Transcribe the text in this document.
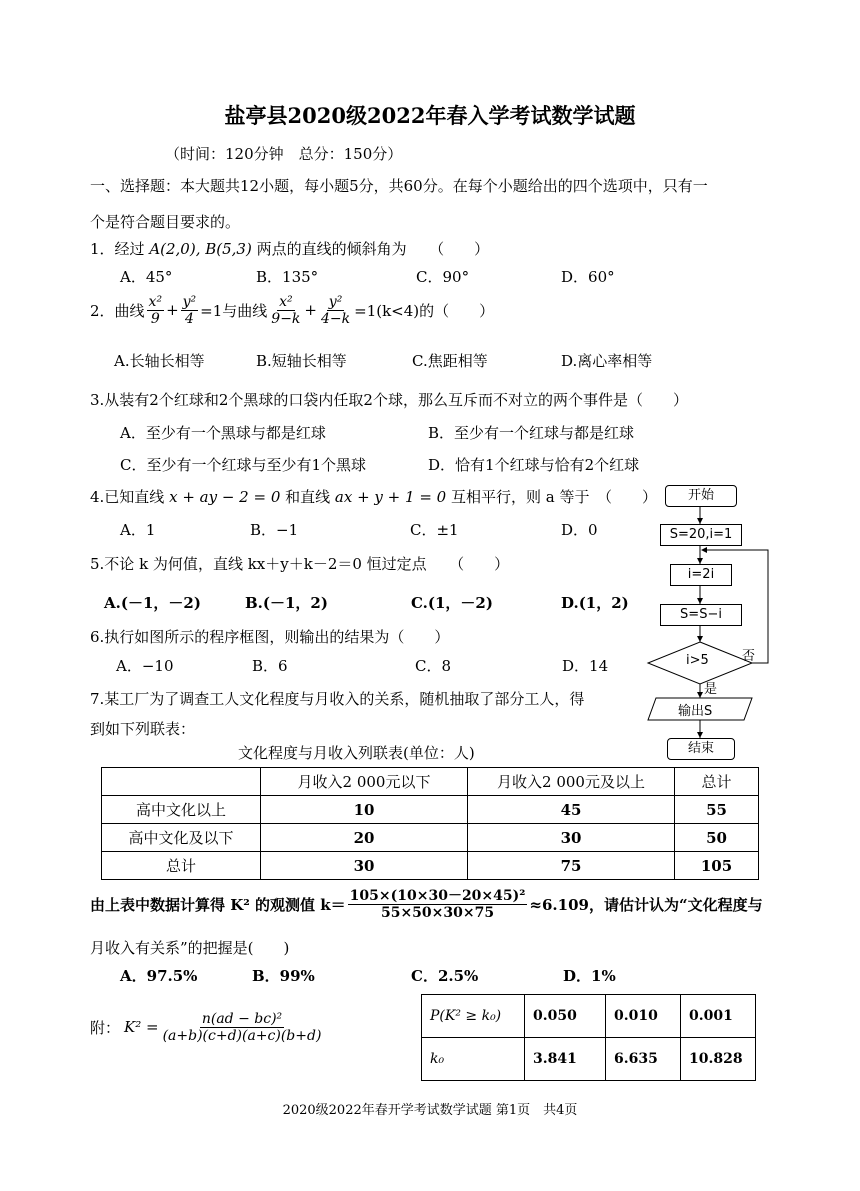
盐亭县2020级2022年春入学考试数学试题
（时间：120分钟　总分：150分）
一、选择题：本大题共12小题，每小题5分，共60分。在每个小题给出的四个选项中，只有一
个是符合题目要求的。
1．经过 A(2,0), B(5,3) 两点的直线的倾斜角为　　（　　）
A．45°	B．135°	C．90°	D．60°
2．曲线 $\frac{\text{x²}}{9} + \frac{\text{y²}}{4} =1$与曲线 $\frac{\text{x²}}{9-k} + \frac{\text{y²}}{4-k} =1(k<4)$的（　　）
A.长轴长相等	B.短轴长相等	C.焦距相等	D.离心率相等
3.从装有2个红球和2个黑球的口袋内任取2个球，那么互斥而不对立的两个事件是（　　）
A．至少有一个黑球与都是红球	B．至少有一个红球与都是红球
C．至少有一个红球与至少有1个黑球	D．恰有1个红球与恰有2个红球
4.已知直线 x + ay − 2 = 0 和直线 ax + y + 1 = 0 互相平行，则 a 等于　（　　）
A．1	B．−1	C．±1	D．0
5.不论 k 为何值，直线 kx＋y＋k－2＝0 恒过定点　　（　　）
A.(－1，－2)	B.(－1，2)	C.(1，－2)	D.(1，2)
6.执行如图所示的程序框图，则输出的结果为（　　）
A．−10	B．6	C．8	D．14
开始
S=20,i=1
i=2i
S=S−i
i>5	否
是
输出S
结束
7.某工厂为了调查工人文化程度与月收入的关系，随机抽取了部分工人，得
到如下列联表：
文化程度与月收入列联表(单位：人)
	月收入2 000元以下	月收入2 000元及以上	总计
高中文化以上	10	45	55
高中文化及以下	20	30	50
总计	30	75	105
由上表中数据计算得 K² 的观测值 $k= \frac{\text{105×(10×30－20×45)²}}{55\times 50\times 30\times 75} \approx 6.109$，请估计认为“文化程度与
月收入有关系”的把握是(　　)
A．97.5%	B．99%	C．2.5%	D．1%
附： $K^2 = \frac{\text{n(ad − bc)²}}{(a+b)(c+d)(a+c)(b+d)}$	P(K² ≥ k₀)	0.050	0.010	0.001
k₀	3.841	6.635	10.828
2020级2022年春开学考试数学试题 第1页　共4页
